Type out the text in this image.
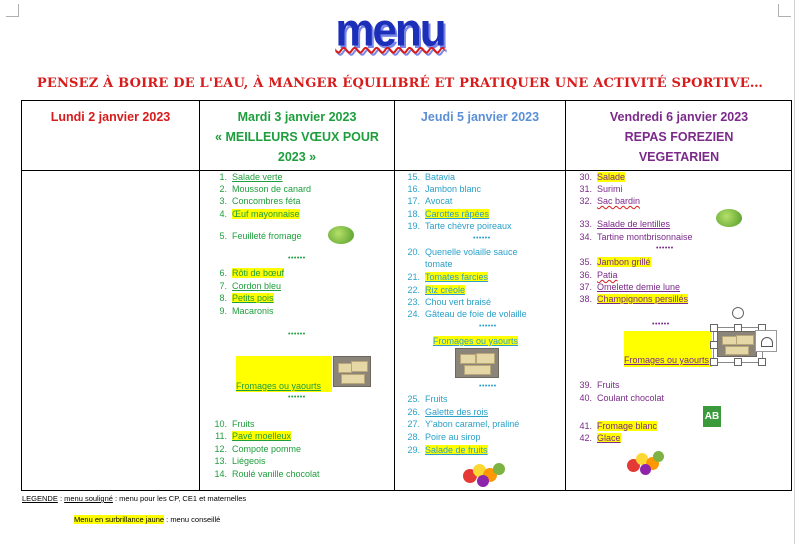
menu
PENSEZ À BOIRE DE L'EAU, À MANGER ÉQUILIBRÉ ET PRATIQUER UNE ACTIVITÉ SPORTIVE…
Lundi 2 janvier 2023	Mardi 3 janvier 2023
« MEILLEURS VŒUX POUR
2023 »
Jeudi 5 janvier 2023	Vendredi 6 janvier 2023
REPAS FOREZIEN
VEGETARIEN
1. Salade verte
2. Mousson de canard
3. Concombres féta
4. Œuf mayonnaise
5. Feuilleté fromage
••••••
6. Rôti de bœuf
7. Cordon bleu
8. Petits pois
9. Macaronis
••••••
Fromages ou yaourts
••••••
10. Fruits
11. Pavé moelleux
12. Compote pomme
13. Liégeois
14. Roulé vanille chocolat
15. Batavia
16. Jambon blanc
17. Avocat
18. Carottes râpées
19. Tarte chèvre poireaux
••••••
20. Quenelle volaille sauce
tomate
21. Tomates farcies
22. Riz créole
23. Chou vert braisé
24. Gâteau de foie de volaille
••••••
Fromages ou yaourts
••••••
25. Fruits
26. Galette des rois
27. Y'abon caramel, praliné
28. Poire au sirop
29. Salade de fruits
30. Salade
31. Surimi
32. Sac bardin
33. Salade de lentilles
34. Tartine montbrisonnaise
••••••
35. Jambon grillé
36. Patia
37. Omelette demie lune
38. Champignons persillés
••••••
Fromages ou yaourts
39. Fruits
40. Coulant chocolat
AB
41. Fromage blanc
42. Glace
LEGENDE : menu souligné : menu pour les CP, CE1 et maternelles
Menu en surbrillance jaune : menu conseillé
